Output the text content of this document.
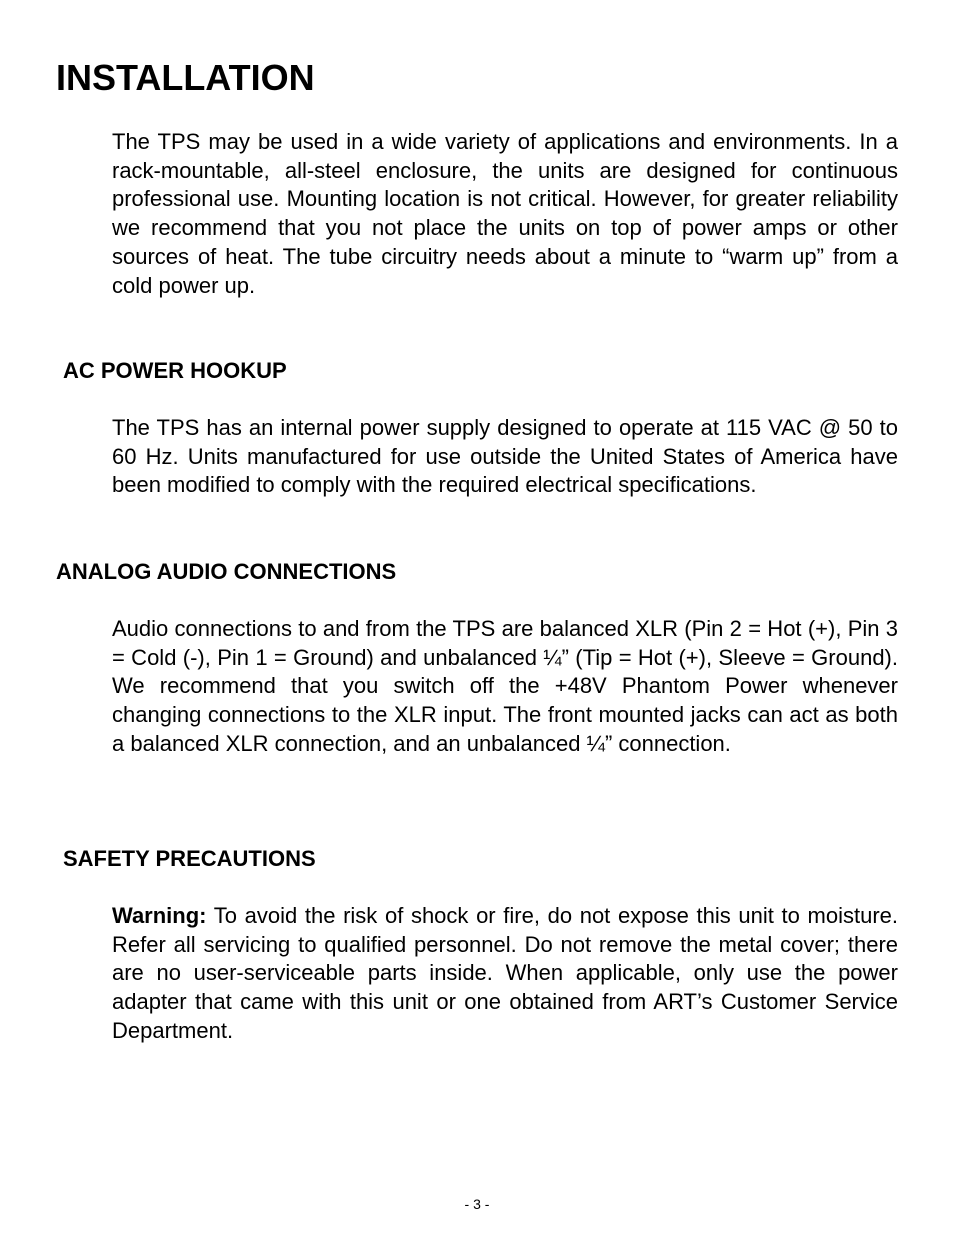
INSTALLATION

The TPS may be used in a wide variety of applications and environments. In a rack-mountable, all-steel enclosure, the units are designed for continuous professional use. Mounting location is not critical. However, for greater reliability we recommend that you not place the units on top of power amps or other sources of heat. The tube circuitry needs about a minute to “warm up” from a cold power up.

AC POWER HOOKUP

The TPS has an internal power supply designed to operate at 115 VAC @ 50 to 60 Hz. Units manufactured for use outside the United States of America have been modified to comply with the required electrical specifications.

ANALOG AUDIO CONNECTIONS

Audio connections to and from the TPS are balanced XLR (Pin 2 = Hot (+), Pin 3 = Cold (-), Pin 1 = Ground) and unbalanced ¼” (Tip = Hot (+), Sleeve = Ground). We recommend that you switch off the +48V Phantom Power whenever changing connections to the XLR input. The front mounted jacks can act as both a balanced XLR connection, and an unbalanced ¼” connection.

SAFETY PRECAUTIONS

Warning: To avoid the risk of shock or fire, do not expose this unit to moisture. Refer all servicing to qualified personnel. Do not remove the metal cover; there are no user-serviceable parts inside. When applicable, only use the power adapter that came with this unit or one obtained from ART’s Customer Service Department.

- 3 -
